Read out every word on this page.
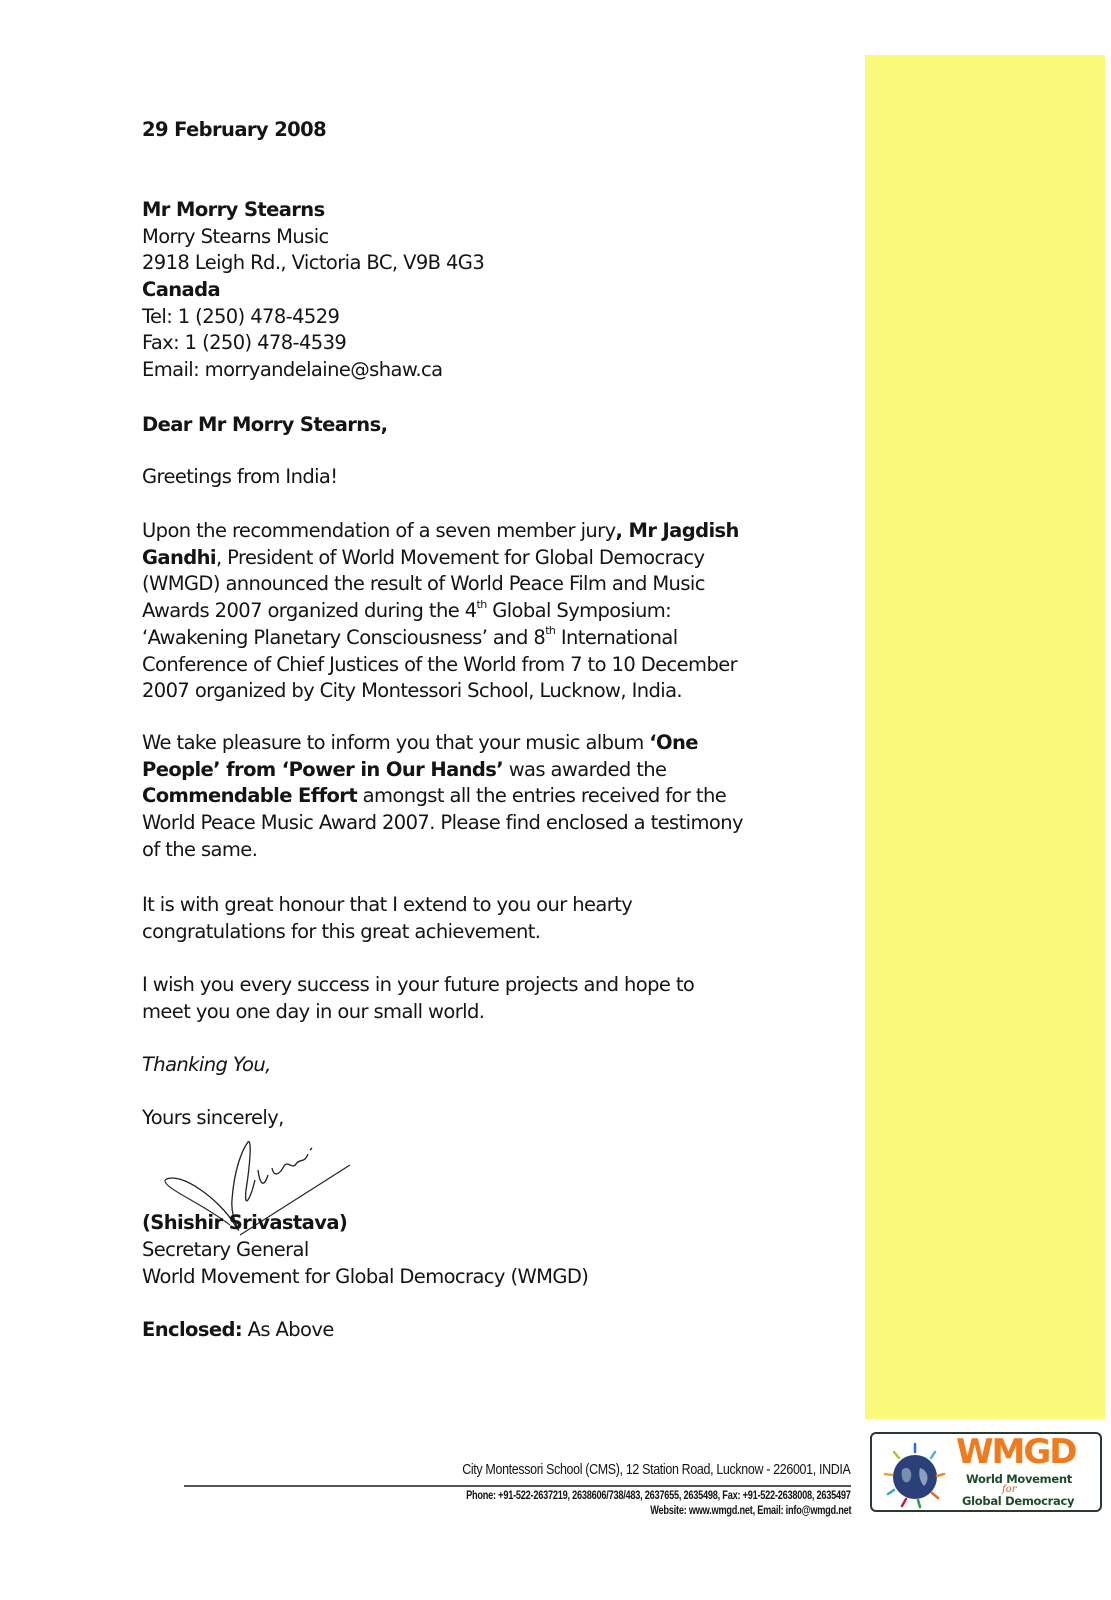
29 February 2008
Mr Morry Stearns
Morry Stearns Music
2918 Leigh Rd., Victoria BC, V9B 4G3
Canada
Tel: 1 (250) 478-4529
Fax: 1 (250) 478-4539
Email: morryandelaine@shaw.ca
Dear Mr Morry Stearns,
Greetings from India!
Upon the recommendation of a seven member jury, Mr Jagdish
Gandhi, President of World Movement for Global Democracy
(WMGD) announced the result of World Peace Film and Music
Awards 2007 organized during the 4th Global Symposium:
‘Awakening Planetary Consciousness’ and 8th International
Conference of Chief Justices of the World from 7 to 10 December
2007 organized by City Montessori School, Lucknow, India.
We take pleasure to inform you that your music album ‘One
People’ from ‘Power in Our Hands’ was awarded the
Commendable Effort amongst all the entries received for the
World Peace Music Award 2007. Please find enclosed a testimony
of the same.
It is with great honour that I extend to you our hearty
congratulations for this great achievement.
I wish you every success in your future projects and hope to
meet you one day in our small world.
Thanking You,
Yours sincerely,
(Shishir Srivastava)
Secretary General
World Movement for Global Democracy (WMGD)
Enclosed: As Above
City Montessori School (CMS), 12 Station Road, Lucknow - 226001, INDIA
Phone: +91-522-2637219, 2638606/738/483, 2637655, 2635498, Fax: +91-522-2638008, 2635497
Website: www.wmgd.net, Email: info@wmgd.net
WMGD
World Movement
for
Global Democracy
